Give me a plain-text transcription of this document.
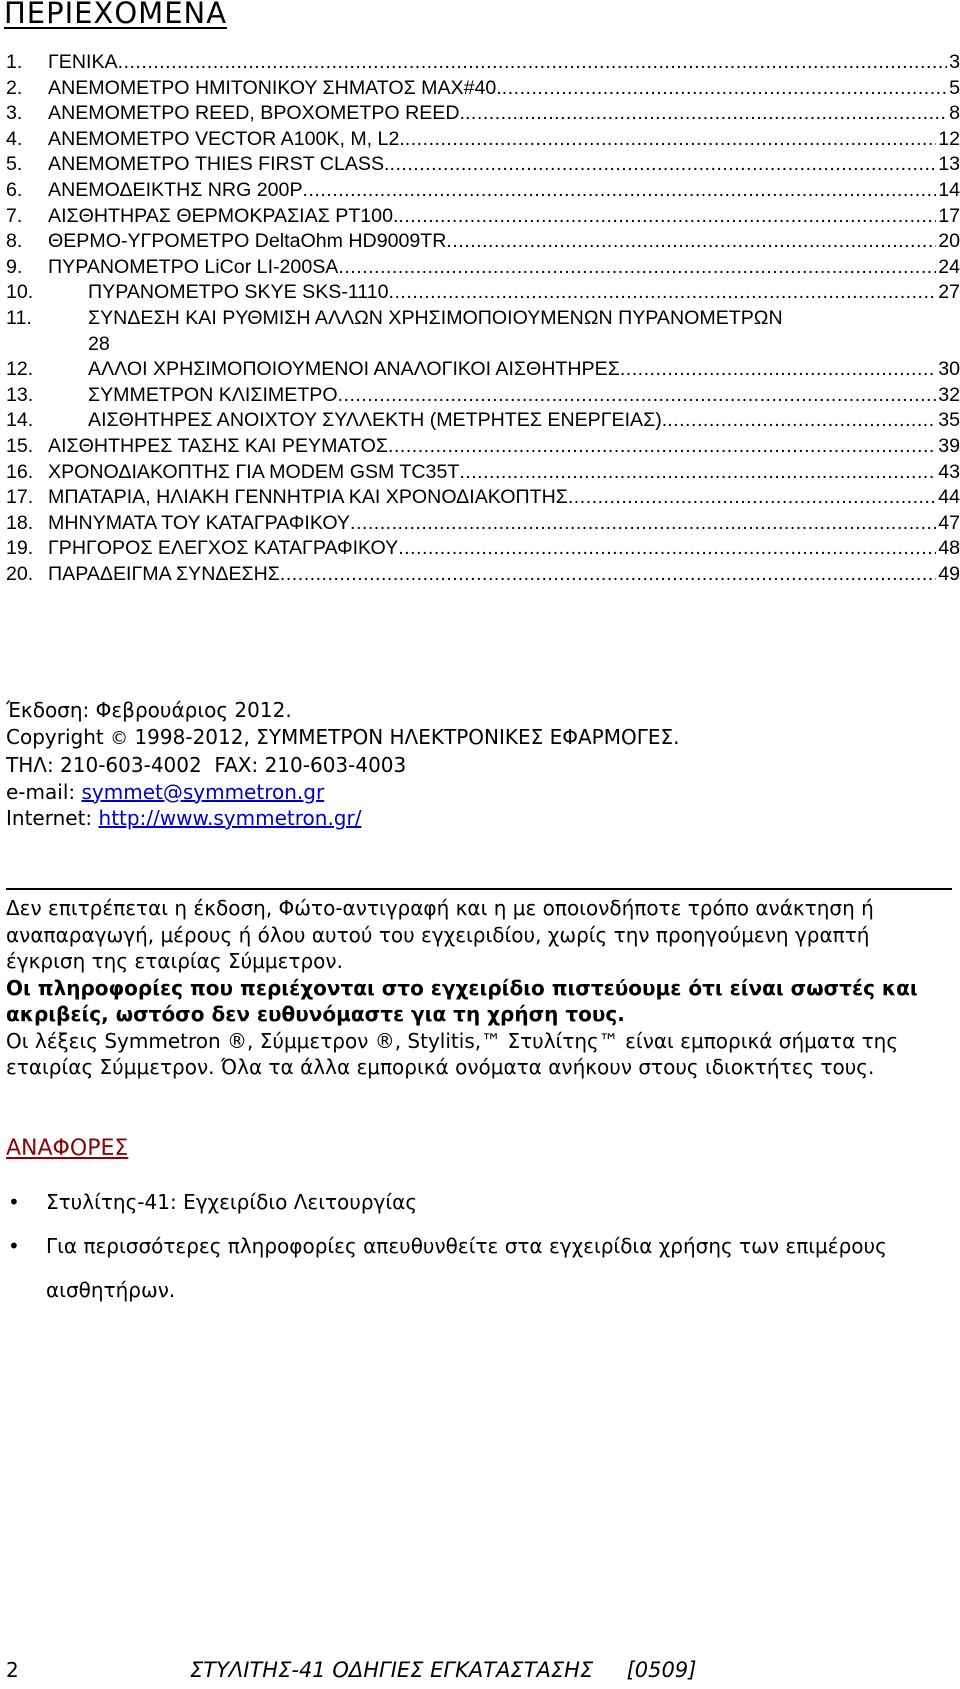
ΠΕΡΙΕΧΟΜΕΝΑ
1.	ΓΕΝΙΚΑ .....	3
2.	ΑΝΕΜΟΜΕΤΡΟ ΗΜΙΤΟΝΙΚΟΥ ΣΗΜΑΤΟΣ MAX#40. .....	5
3.	ΑΝΕΜΟΜΕΤΡΟ REED, ΒΡΟΧΟΜΕΤΡΟ REED. .....	8
4.	ΑΝΕΜΟΜΕΤΡΟ VECTOR A100K, M, L2. .....	12
5.	ΑΝΕΜΟΜΕΤΡΟ THIES FIRST CLASS. .....	13
6.	ΑΝΕΜΟΔΕΙΚΤΗΣ NRG 200P .....	14
7.	ΑΙΣΘΗΤΗΡΑΣ ΘΕΡΜΟΚΡΑΣΙΑΣ PT100. .....	17
8.	ΘΕΡΜΟ-ΥΓΡΟΜΕΤΡΟ DeltaOhm HD9009TR .....	20
9.	ΠΥΡΑΝΟΜΕΤΡΟ LiCor LI-200SA .....	24
10.	ΠΥΡΑΝΟΜΕΤΡΟ SKYE SKS-1110 .....	27
11.	ΣΥΝΔΕΣΗ ΚΑΙ ΡΥΘΜΙΣΗ ΑΛΛΩΝ ΧΡΗΣΙΜΟΠΟΙΟΥΜΕΝΩΝ ΠΥΡΑΝΟΜΕΤΡΩΝ
28
12.	ΑΛΛΟΙ ΧΡΗΣΙΜΟΠΟΙΟΥΜΕΝΟΙ ΑΝΑΛΟΓΙΚΟΙ ΑΙΣΘΗΤΗΡΕΣ .....	30
13.	ΣΥΜΜΕΤΡΟΝ ΚΛΙΣΙΜΕΤΡΟ .....	32
14.	ΑΙΣΘΗΤΗΡΕΣ ΑΝΟΙΧΤΟΥ ΣΥΛΛΕΚΤΗ (ΜΕΤΡΗΤΕΣ ΕΝΕΡΓΕΙΑΣ). .....	35
15. ΑΙΣΘΗΤΗΡΕΣ ΤΑΣΗΣ ΚΑΙ ΡΕΥΜΑΤΟΣ .....	39
16. ΧΡΟΝΟΔΙΑΚΟΠΤΗΣ ΓΙΑ MODEM GSM TC35T .....	43
17. ΜΠΑΤΑΡΙΑ, ΗΛΙΑΚΗ ΓΕΝΝΗΤΡΙΑ ΚΑΙ ΧΡΟΝΟΔΙΑΚΟΠΤΗΣ .....	44
18. ΜΗΝΥΜΑΤΑ ΤΟΥ ΚΑΤΑΓΡΑΦΙΚΟΥ .....	47
19. ΓΡΗΓΟΡΟΣ ΕΛΕΓΧΟΣ ΚΑΤΑΓΡΑΦΙΚΟΥ .....	48
20. ΠΑΡΑΔΕΙΓΜΑ ΣΥΝΔΕΣΗΣ .....	49
Έκδοση: Φεβρουάριος 2012.
Copyright © 1998-2012, ΣΥΜΜΕΤΡΟΝ ΗΛΕΚΤΡΟΝΙΚΕΣ ΕΦΑΡΜΟΓΕΣ.
ΤΗΛ: 210-603-4002  FAX: 210-603-4003
e-mail: symmet@symmetron.gr
Internet: http://www.symmetron.gr/

Δεν επιτρέπεται η έκδοση, Φώτο-αντιγραφή και η με οποιονδήποτε τρόπο ανάκτηση ή αναπαραγωγή, μέρους ή όλου αυτού του εγχειριδίου, χωρίς την προηγούμενη γραπτή έγκριση της εταιρίας Σύμμετρον.

Οι πληροφορίες που περιέχονται στο εγχειρίδιο πιστεύουμε ότι είναι σωστές και ακριβείς, ωστόσο δεν ευθυνόμαστε για τη χρήση τους.

Οι λέξεις Symmetron ®, Σύμμετρον ®, Stylitis,™ Στυλίτης™ είναι εμπορικά σήματα της εταιρίας Σύμμετρον. Όλα τα άλλα εμπορικά ονόματα ανήκουν στους ιδιοκτήτες τους.

ΑΝΑΦΟΡΕΣ
• Στυλίτης-41: Εγχειρίδιο Λειτουργίας
• Για περισσότερες πληροφορίες απευθυνθείτε στα εγχειρίδια χρήσης των επιμέρους αισθητήρων.
2	ΣΤΥΛΙΤΗΣ-41 ΟΔΗΓΙΕΣ ΕΓΚΑΤΑΣΤΑΣΗΣ     [0509]
